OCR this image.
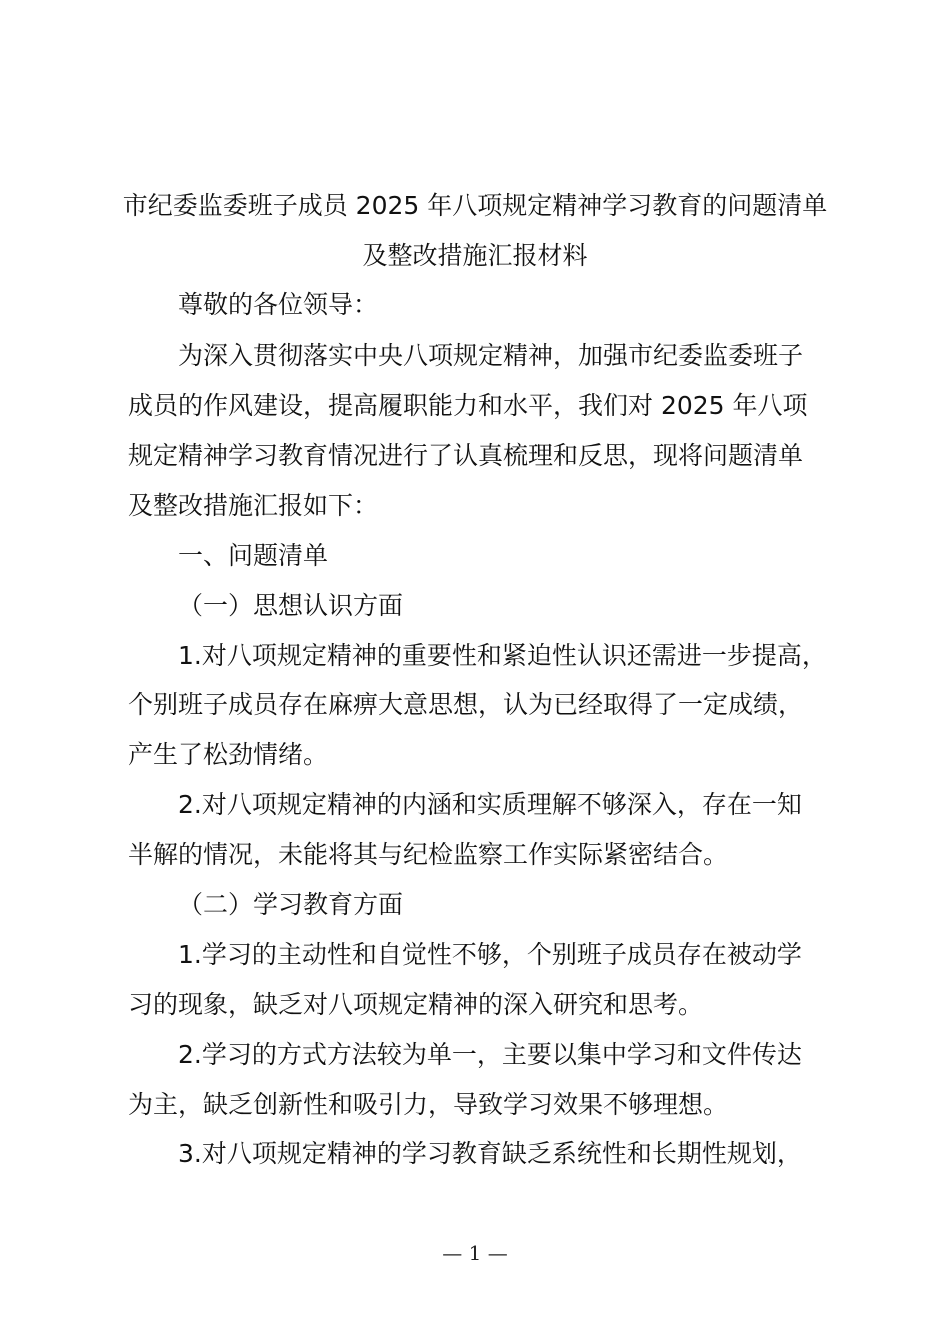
市纪委监委班子成员 2025 年八项规定精神学习教育的问题清单
及整改措施汇报材料
尊敬的各位领导：
为深入贯彻落实中央八项规定精神，加强市纪委监委班子
成员的作风建设，提高履职能力和水平，我们对 2025 年八项
规定精神学习教育情况进行了认真梳理和反思，现将问题清单
及整改措施汇报如下：
一、问题清单
（一）思想认识方面
1.对八项规定精神的重要性和紧迫性认识还需进一步提高，
个别班子成员存在麻痹大意思想，认为已经取得了一定成绩，
产生了松劲情绪。
2.对八项规定精神的内涵和实质理解不够深入，存在一知
半解的情况，未能将其与纪检监察工作实际紧密结合。
（二）学习教育方面
1.学习的主动性和自觉性不够，个别班子成员存在被动学
习的现象，缺乏对八项规定精神的深入研究和思考。
2.学习的方式方法较为单一，主要以集中学习和文件传达
为主，缺乏创新性和吸引力，导致学习效果不够理想。
3.对八项规定精神的学习教育缺乏系统性和长期性规划，
— 1 —
